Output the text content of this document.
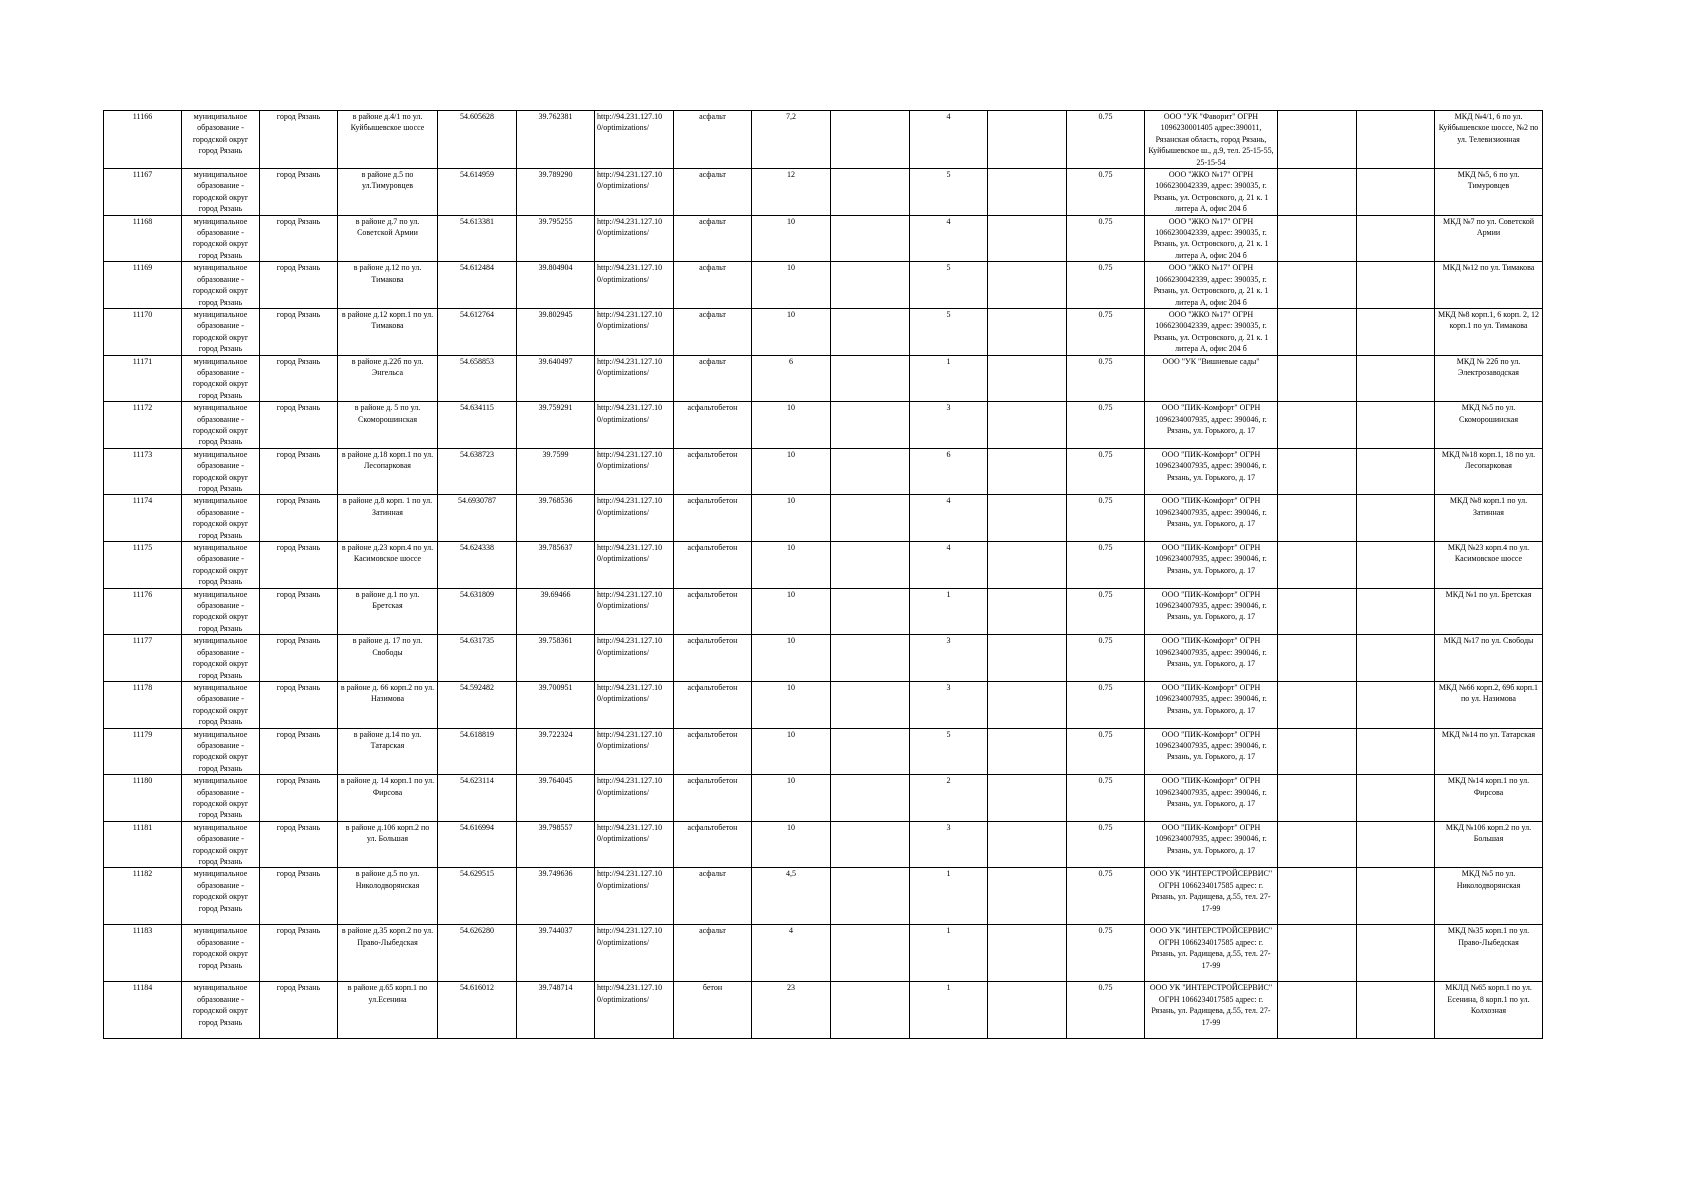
11166	муниципальное образование - городской округ город Рязань	город Рязань	в районе д.4/1 по ул. Куйбышевское шоссе	54.605628	39.762381	http://94.231.127.10 0/optimizations/	асфальт	7,2		4		0.75	ООО "УК "Фаворит" ОГРН 1096230001405 адрес:390011, Рязанская область, город Рязань, Куйбышевское ш., д.9, тел. 25-15-55, 25-15-54			МКД №4/1, 6 по ул. Куйбышевское шоссе, №2 по ул. Телевизионная
11167	муниципальное образование - городской округ город Рязань	город Рязань	в районе д.5 по ул.Тимуровцев	54.614959	39.789290	http://94.231.127.10 0/optimizations/	асфальт	12		5		0.75	ООО "ЖКО №17" ОГРН 1066230042339, адрес: 390035, г. Рязань, ул. Островского, д. 21 к. 1 литера А, офис 204 б			МКД №5, 6 по ул. Тимуровцев
11168	муниципальное образование - городской округ город Рязань	город Рязань	в районе д.7 по ул. Советской Армии	54.613381	39.795255	http://94.231.127.10 0/optimizations/	асфальт	10		4		0.75	ООО "ЖКО №17" ОГРН 1066230042339, адрес: 390035, г. Рязань, ул. Островского, д. 21 к. 1 литера А, офис 204 б			МКД №7 по ул. Советской Армии
11169	муниципальное образование - городской округ город Рязань	город Рязань	в районе д.12 по ул. Тимакова	54.612484	39.804904	http://94.231.127.10 0/optimizations/	асфальт	10		5		0.75	ООО "ЖКО №17" ОГРН 1066230042339, адрес: 390035, г. Рязань, ул. Островского, д. 21 к. 1 литера А, офис 204 б			МКД №12 по ул. Тимакова
11170	муниципальное образование - городской округ город Рязань	город Рязань	в районе д.12 корп.1 по ул. Тимакова	54.612764	39.802945	http://94.231.127.10 0/optimizations/	асфальт	10		5		0.75	ООО "ЖКО №17" ОГРН 1066230042339, адрес: 390035, г. Рязань, ул. Островского, д. 21 к. 1 литера А, офис 204 б			МКД №8 корп.1, 6 корп. 2, 12 корп.1 по ул. Тимакова
11171	муниципальное образование - городской округ город Рязань	город Рязань	в районе д.22б по ул. Энгельса	54.658853	39.640497	http://94.231.127.10 0/optimizations/	асфальт	6		1		0.75	ООО "УК "Вишневые сады"			МКД № 22б по ул. Электрозаводская
11172	муниципальное образование - городской округ город Рязань	город Рязань	в районе д. 5 по ул. Скоморошинская	54.634115	39.759291	http://94.231.127.10 0/optimizations/	асфальтобетон	10		3		0.75	ООО "ПИК-Комфорт" ОГРН 1096234007935, адрес: 390046, г. Рязань, ул. Горького, д. 17			МКД №5 по ул. Скоморошинская
11173	муниципальное образование - городской округ город Рязань	город Рязань	в районе д.18 корп.1 по ул. Лесопарковая	54.638723	39.7599	http://94.231.127.10 0/optimizations/	асфальтобетон	10		6		0.75	ООО "ПИК-Комфорт" ОГРН 1096234007935, адрес: 390046, г. Рязань, ул. Горького, д. 17			МКД №18 корп.1, 18 по ул. Лесопарковая
11174	муниципальное образование - городской округ город Рязань	город Рязань	в районе д.8 корп. 1 по ул. Затинная	54.6930787	39.768536	http://94.231.127.10 0/optimizations/	асфальтобетон	10		4		0.75	ООО "ПИК-Комфорт" ОГРН 1096234007935, адрес: 390046, г. Рязань, ул. Горького, д. 17			МКД №8 корп.1 по ул. Затинная
11175	муниципальное образование - городской округ город Рязань	город Рязань	в районе д.23 корп.4 по ул. Касимовское шоссе	54.624338	39.785637	http://94.231.127.10 0/optimizations/	асфальтобетон	10		4		0.75	ООО "ПИК-Комфорт" ОГРН 1096234007935, адрес: 390046, г. Рязань, ул. Горького, д. 17			МКД №23 корп.4 по ул. Касимовское шоссе
11176	муниципальное образование - городской округ город Рязань	город Рязань	в районе д.1 по ул. Бретская	54.631809	39.69466	http://94.231.127.10 0/optimizations/	асфальтобетон	10		1		0.75	ООО "ПИК-Комфорт" ОГРН 1096234007935, адрес: 390046, г. Рязань, ул. Горького, д. 17			МКД №1 по ул. Бретская
11177	муниципальное образование - городской округ город Рязань	город Рязань	в районе д. 17 по ул. Свободы	54.631735	39.758361	http://94.231.127.10 0/optimizations/	асфальтобетон	10		3		0.75	ООО "ПИК-Комфорт" ОГРН 1096234007935, адрес: 390046, г. Рязань, ул. Горького, д. 17			МКД №17 по ул. Свободы
11178	муниципальное образование - городской округ город Рязань	город Рязань	в районе д. 66 корп.2 по ул. Назимова	54.592482	39.700951	http://94.231.127.10 0/optimizations/	асфальтобетон	10		3		0.75	ООО "ПИК-Комфорт" ОГРН 1096234007935, адрес: 390046, г. Рязань, ул. Горького, д. 17			МКД №66 корп.2, 69б корп.1 по ул. Назимова
11179	муниципальное образование - городской округ город Рязань	город Рязань	в районе д.14 по ул. Татарская	54.618819	39.722324	http://94.231.127.10 0/optimizations/	асфальтобетон	10		5		0.75	ООО "ПИК-Комфорт" ОГРН 1096234007935, адрес: 390046, г. Рязань, ул. Горького, д. 17			МКД №14 по ул. Татарская
11180	муниципальное образование - городской округ город Рязань	город Рязань	в районе д. 14 корп.1 по ул. Фирсова	54.623114	39.764045	http://94.231.127.10 0/optimizations/	асфальтобетон	10		2		0.75	ООО "ПИК-Комфорт" ОГРН 1096234007935, адрес: 390046, г. Рязань, ул. Горького, д. 17			МКД №14 корп.1 по ул. Фирсова
11181	муниципальное образование - городской округ город Рязань	город Рязань	в районе д.106 корп.2 по ул. Большая	54.616994	39.798557	http://94.231.127.10 0/optimizations/	асфальтобетон	10		3		0.75	ООО "ПИК-Комфорт" ОГРН 1096234007935, адрес: 390046, г. Рязань, ул. Горького, д. 17			МКД №106 корп.2 по ул. Большая
11182	муниципальное образование - городской округ город Рязань	город Рязань	в районе д.5 по ул. Николодворянская	54.629515	39.749636	http://94.231.127.10 0/optimizations/	асфальт	4,5		1		0.75	ООО УК "ИНТЕРСТРОЙСЕРВИС" ОГРН 1066234017585 адрес: г. Рязань, ул. Радищева, д.55, тел. 27-17-99			МКД №5 по ул. Николодворянская
11183	муниципальное образование - городской округ город Рязань	город Рязань	в районе д.35 корп.2 по ул. Право-Лыбедская	54.626280	39.744037	http://94.231.127.10 0/optimizations/	асфальт	4		1		0.75	ООО УК "ИНТЕРСТРОЙСЕРВИС" ОГРН 1066234017585 адрес: г. Рязань, ул. Радищева, д.55, тел. 27-17-99			МКД №35 корп.1 по ул. Право-Лыбедская
11184	муниципальное образование - городской округ город Рязань	город Рязань	в районе д.65 корп.1 по ул.Есенина	54.616012	39.748714	http://94.231.127.10 0/optimizations/	бетон	23		1		0.75	ООО УК "ИНТЕРСТРОЙСЕРВИС" ОГРН 1066234017585 адрес: г. Рязань, ул. Радищева, д.55, тел. 27-17-99			МКЛД №65 корп.1 по ул. Есенина, 8 корп.1 по ул. Колхозная
